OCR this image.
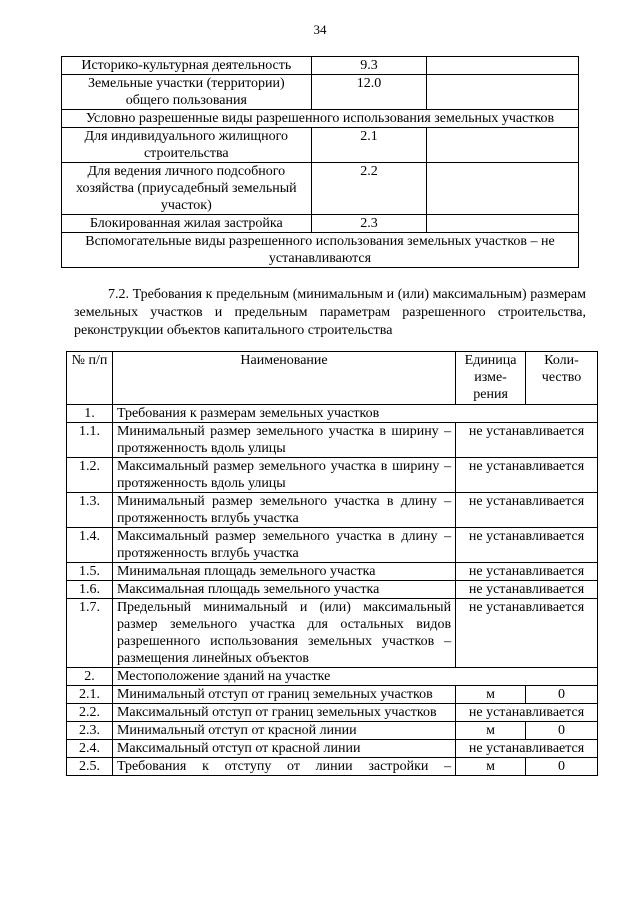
34
Историко-культурная деятельность	9.3	
Земельные участки (территории) общего пользования	12.0	
Условно разрешенные виды разрешенного использования земельных участков		
Для индивидуального жилищного строительства	2.1	
Для ведения личного подсобного хозяйства (приусадебный земельный участок)	2.2	
Блокированная жилая застройка	2.3	
Вспомогательные виды разрешенного использования земельных участков – не устанавливаются		
7.2. Требования к предельным (минимальным и (или) максимальным) размерам земельных участков и предельным параметрам разрешенного строительства, реконструкции объектов капитального строительства
№ п/п	Наименование	Единица изме-рения	Коли-чество
1.	Требования к размерам земельных участков		
1.1.	Минимальный размер земельного участка в ширину – протяженность вдоль улицы	не устанавливается	
1.2.	Максимальный размер земельного участка в ширину – протяженность вдоль улицы	не устанавливается	
1.3.	Минимальный размер земельного участка в длину – протяженность вглубь участка	не устанавливается	
1.4.	Максимальный размер земельного участка в длину – протяженность вглубь участка	не устанавливается	
1.5.	Минимальная площадь земельного участка	не устанавливается	
1.6.	Максимальная площадь земельного участка	не устанавливается	
1.7.	Предельный минимальный и (или) максимальный размер земельного участка для остальных видов разрешенного использования земельных участков – размещения линейных объектов	не устанавливается	
2.	Местоположение зданий на участке		
2.1.	Минимальный отступ от границ земельных участков	м	0
2.2.	Максимальный отступ от границ земельных участков	не устанавливается	
2.3.	Минимальный отступ от красной линии	м	0
2.4.	Максимальный отступ от красной линии	не устанавливается	
2.5.	Требования к отступу от линии застройки –	м	0
